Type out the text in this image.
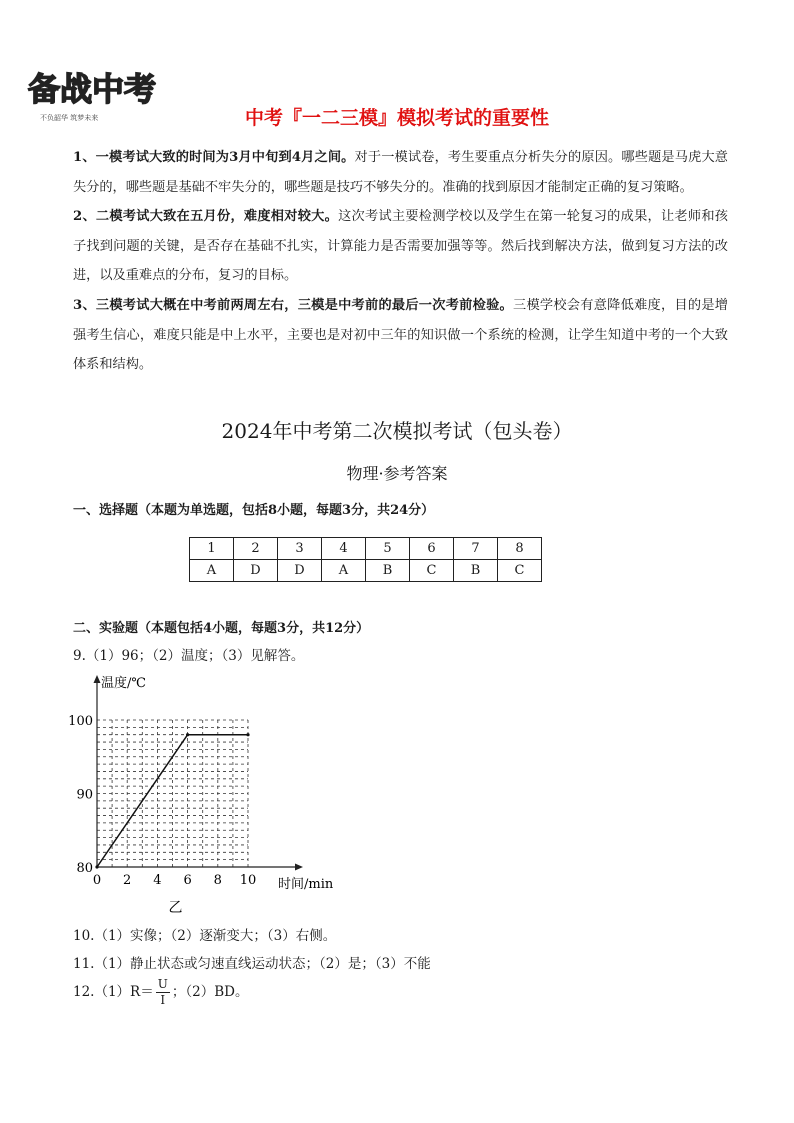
备战中考
不负韶华 筑梦未来	中考『一二三模』模拟考试的重要性

1、一模考试大致的时间为3月中旬到4月之间。对于一模试卷，考生要重点分析失分的原因。哪些题是马虎大意失分的，哪些题是基础不牢失分的，哪些题是技巧不够失分的。准确的找到原因才能制定正确的复习策略。

2、二模考试大致在五月份，难度相对较大。这次考试主要检测学校以及学生在第一轮复习的成果，让老师和孩子找到问题的关键，是否存在基础不扎实，计算能力是否需要加强等等。然后找到解决方法，做到复习方法的改进，以及重难点的分布，复习的目标。

3、三模考试大概在中考前两周左右，三模是中考前的最后一次考前检验。三模学校会有意降低难度，目的是增强考生信心，难度只能是中上水平，主要也是对初中三年的知识做一个系统的检测，让学生知道中考的一个大致体系和结构。

2024年中考第二次模拟考试（包头卷）
物理·参考答案
一、选择题（本题为单选题，包括8小题，每题3分，共24分）
1	2	3	4	5	6	7	8
A	D	D	A	B	C	B	C
二、实验题（本题包括4小题，每题3分，共12分）
9.（1）96；（2）温度；（3）见解答。
温度/℃
时间/min
0 2 4 6 8 10
80
90
100
乙
10.（1）实像；（2）逐渐变大；（3）右侧。
11.（1）静止状态或匀速直线运动状态；（2）是；（3）不能
$12.(1)R= \frac{U}{I}$ ；（2）BD。
